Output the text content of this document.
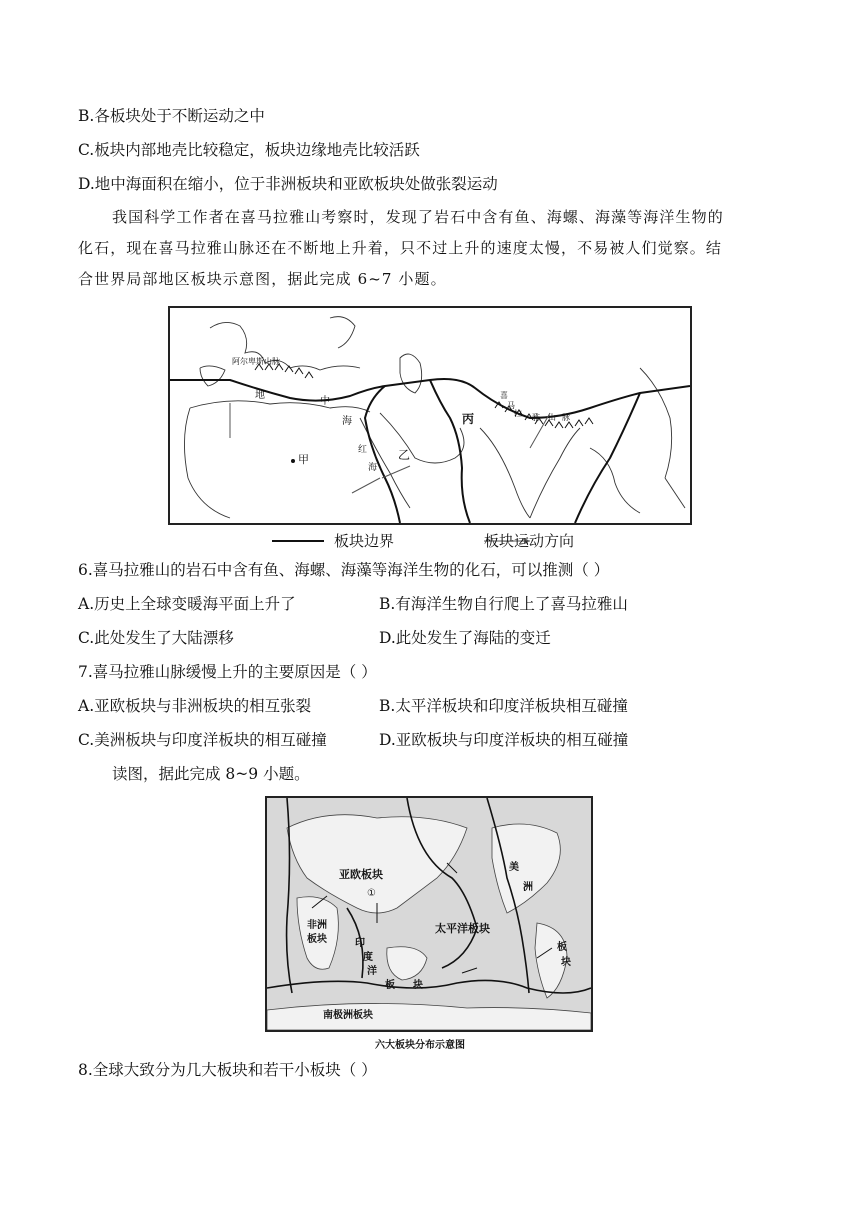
B.各板块处于不断运动之中
C.板块内部地壳比较稳定，板块边缘地壳比较活跃
D.地中海面积在缩小，位于非洲板块和亚欧板块处做张裂运动
我国科学工作者在喜马拉雅山考察时，发现了岩石中含有鱼、海螺、海藻等海洋生物的
化石，现在喜马拉雅山脉还在不断地上升着，只不过上升的速度太慢，不易被人们觉察。结
合世界局部地区板块示意图，据此完成 6~7 小题。
阿尔卑斯山脉
地
中
海
甲	乙
丙
红
海
喜
马
拉 雅 山 脉
板块边界	板块运动方向
6.喜马拉雅山的岩石中含有鱼、海螺、海藻等海洋生物的化石，可以推测（ ）
A.历史上全球变暖海平面上升了	B.有海洋生物自行爬上了喜马拉雅山
C.此处发生了大陆漂移	D.此处发生了海陆的变迁
7.喜马拉雅山脉缓慢上升的主要原因是（ ）
A.亚欧板块与非洲板块的相互张裂	B.太平洋板块和印度洋板块相互碰撞
C.美洲板块与印度洋板块的相互碰撞	D.亚欧板块与印度洋板块的相互碰撞
读图，据此完成 8~9 小题。
亚欧板块
①
非洲
板块
太平洋板块
印
度
洋
板 块
美
洲
板
块
南极洲板块
六大板块分布示意图
8.全球大致分为几大板块和若干小板块（ ）
